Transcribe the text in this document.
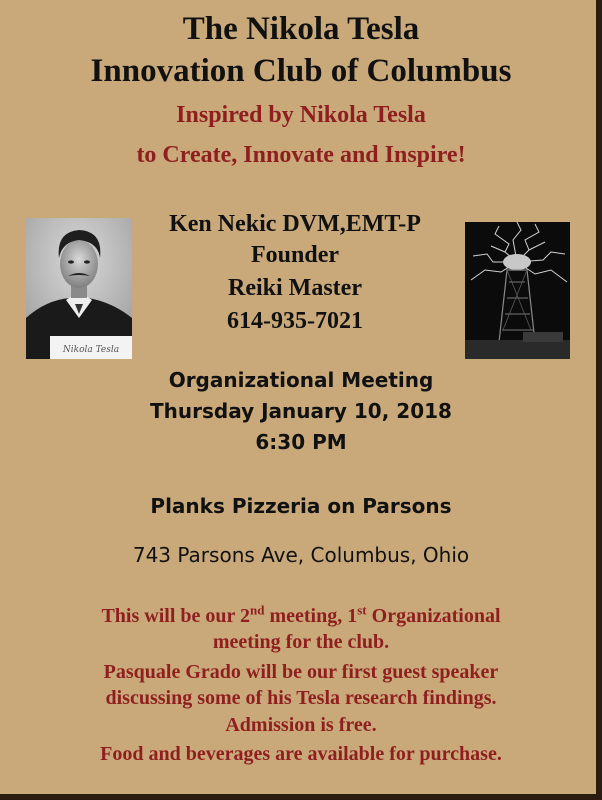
The Nikola Tesla
Innovation Club of Columbus
Inspired by Nikola Tesla
to Create, Innovate and Inspire!
Nikola Tesla
Ken Nekic DVM,EMT-P
Founder
Reiki Master
614-935-7021
Organizational Meeting
Thursday January 10, 2018
6:30 PM
Planks Pizzeria on Parsons
743 Parsons Ave, Columbus, Ohio
This will be our 2nd meeting, 1st Organizational
meeting for the club.
Pasquale Grado will be our first guest speaker
discussing some of his Tesla research findings.
Admission is free.
Food and beverages are available for purchase.
